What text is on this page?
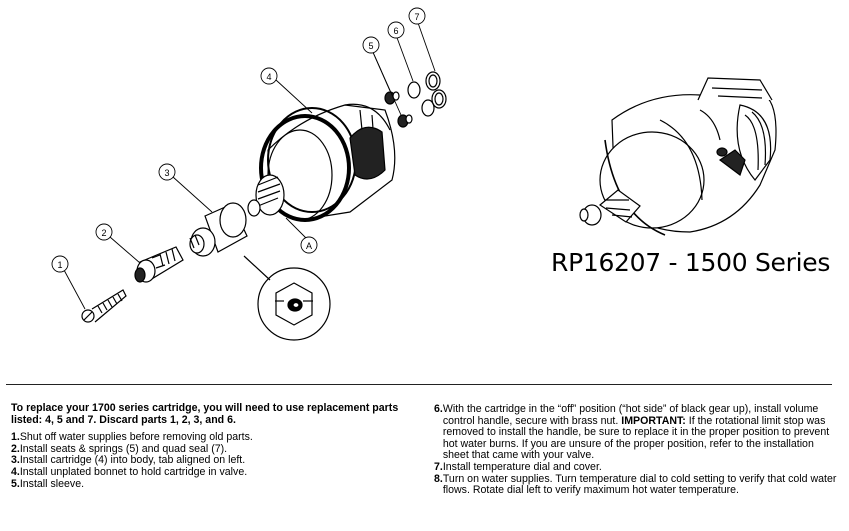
1
2
3
4
5
6
7
A
RP16207 - 1500 Series

To replace your 1700 series cartridge, you will need to use replacement parts listed: 4, 5 and 7. Discard parts 1, 2, 3, and 6.

1. Shut off water supplies before removing old parts.
2. Install seats & springs (5) and quad seal (7).
3. Install cartridge (4) into body, tab aligned on left.
4. Install unplated bonnet to hold cartridge in valve.
5. Install sleeve.
6. With the cartridge in the “off” position (“hot side” of black gear up), install volume control handle, secure with brass nut. IMPORTANT: If the rotational limit stop was removed to install the handle, be sure to replace it in the proper position to prevent hot water burns. If you are unsure of the proper position, refer to the installation sheet that came with your valve.
7. Install temperature dial and cover.
8. Turn on water supplies. Turn temperature dial to cold setting to verify that cold water flows. Rotate dial left to verify maximum hot water temperature.
